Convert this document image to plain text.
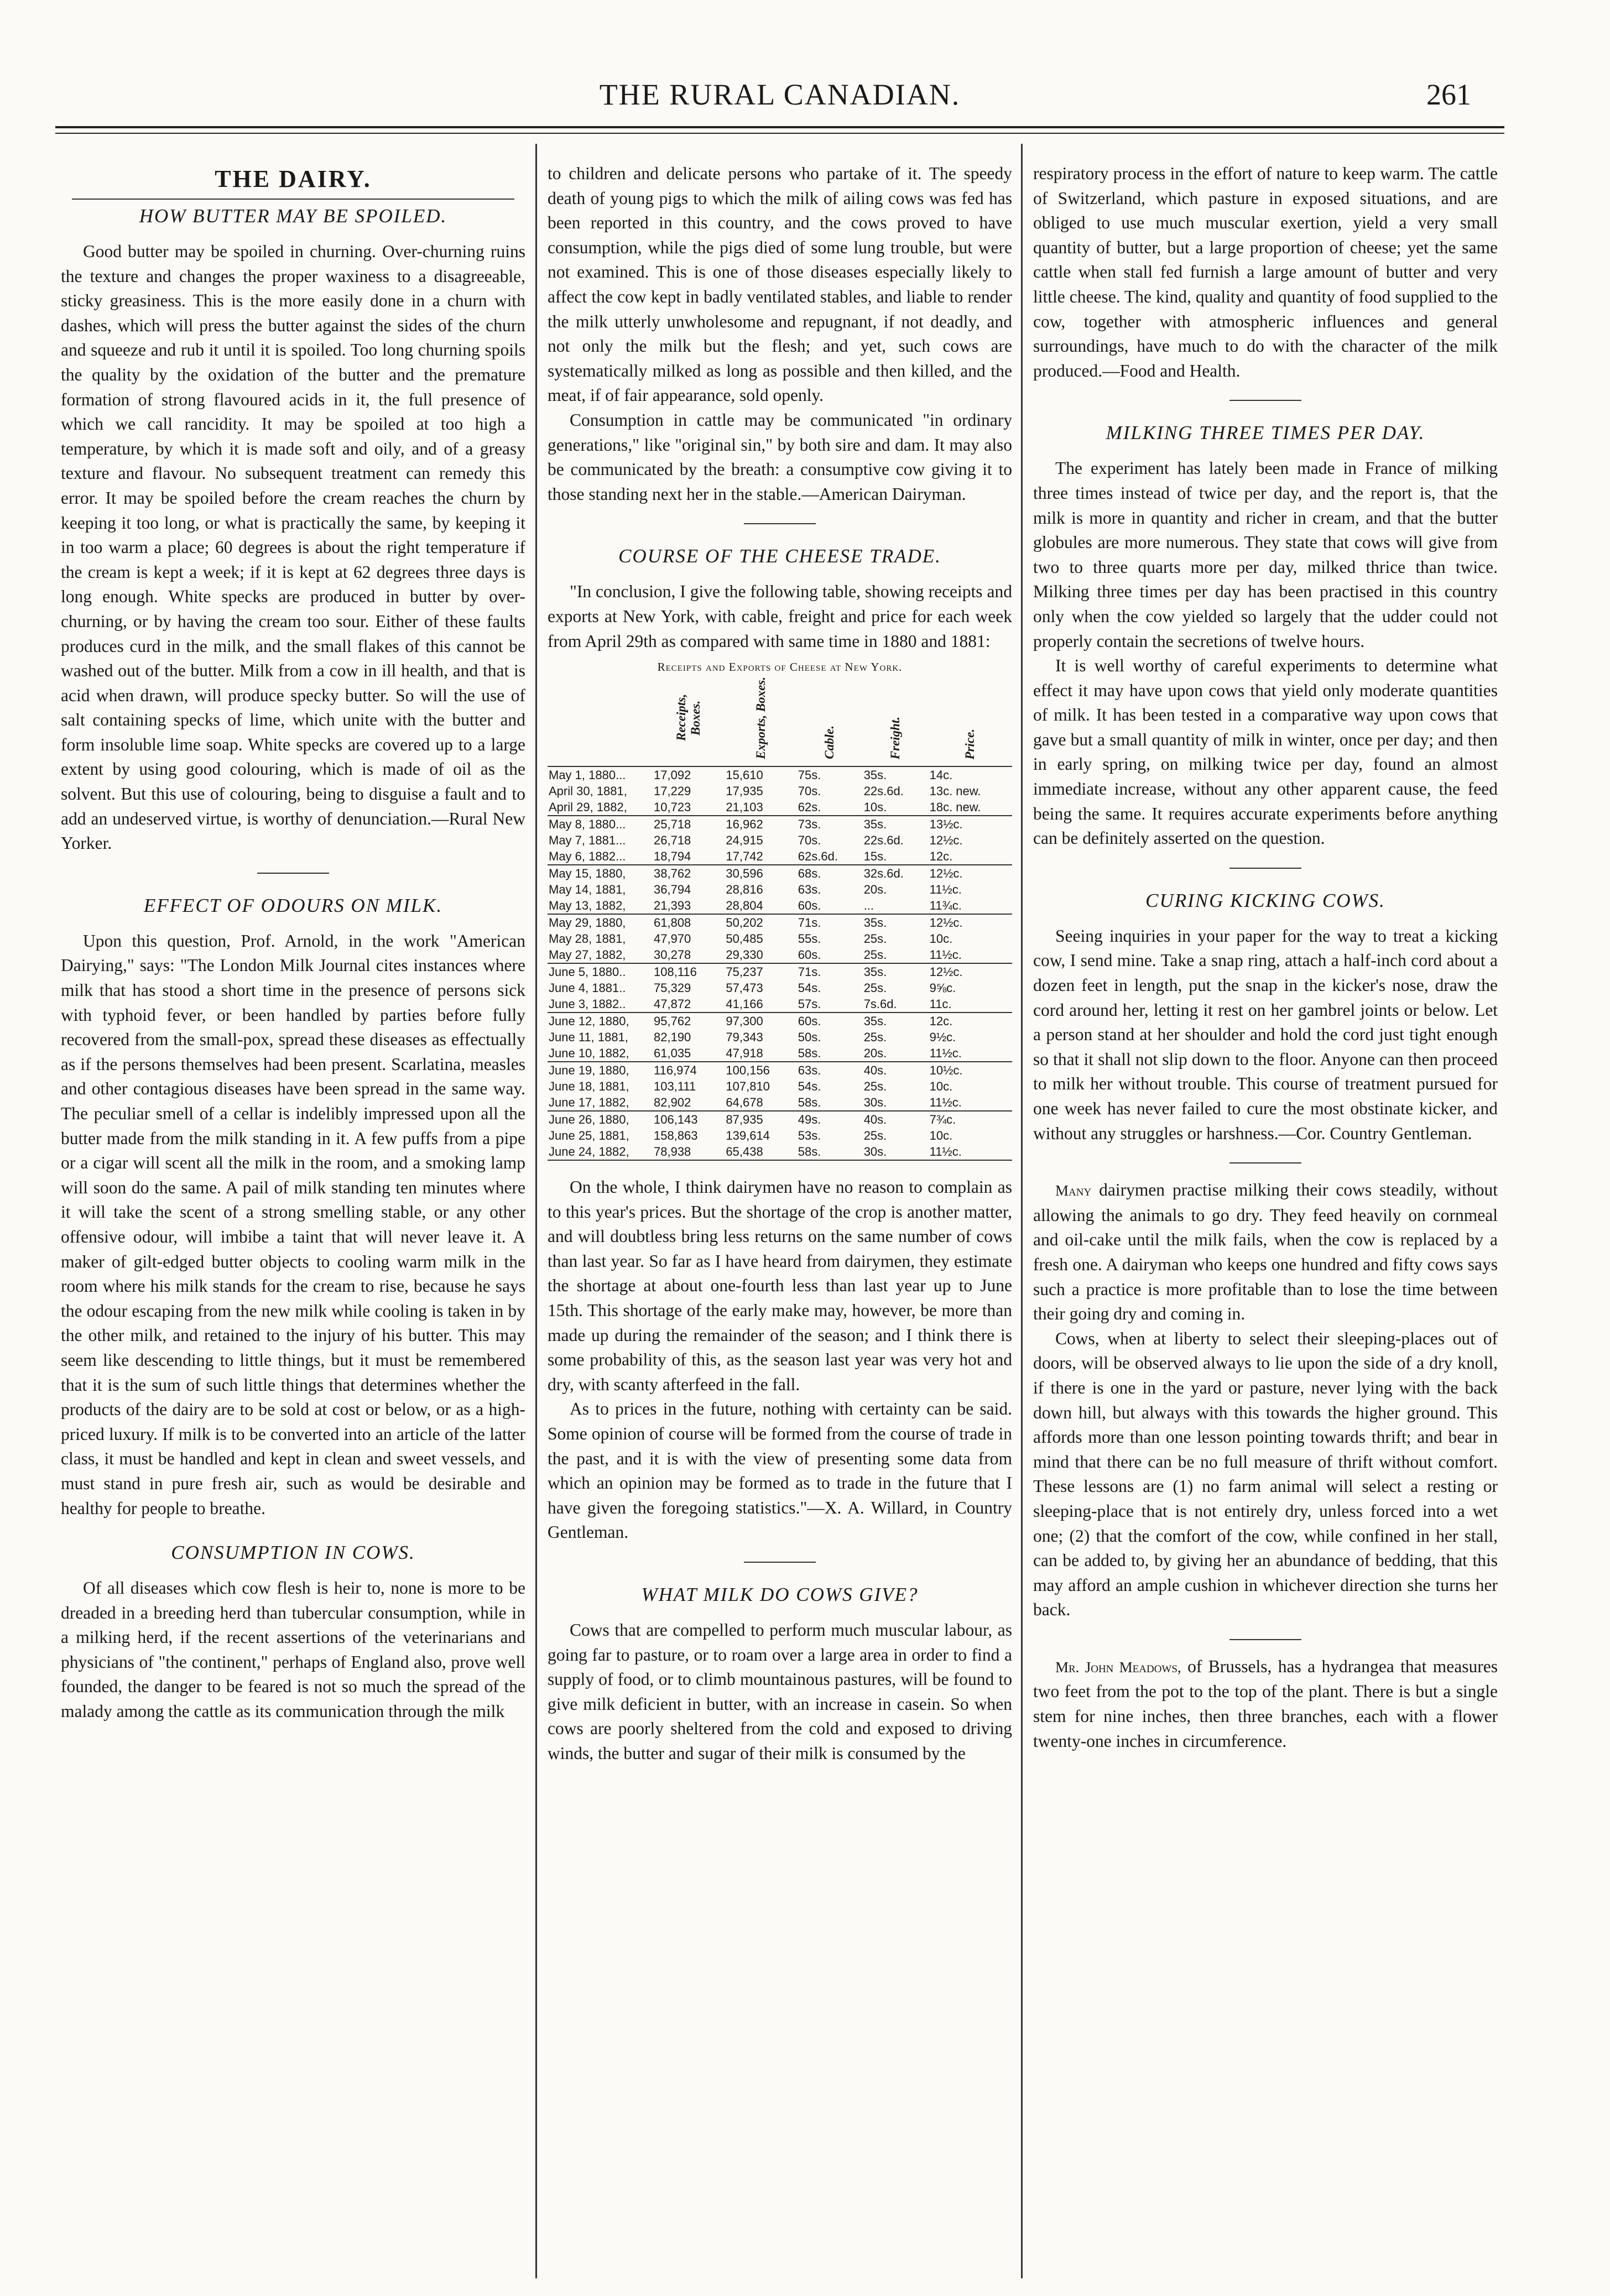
THE RURAL CANADIAN.	261
THE DAIRY.
HOW BUTTER MAY BE SPOILED.

Good butter may be spoiled in churning. Over-churning ruins the texture and changes the proper waxiness to a disagreeable, sticky greasiness. This is the more easily done in a churn with dashes, which will press the butter against the sides of the churn and squeeze and rub it until it is spoiled. Too long churning spoils the quality by the oxidation of the butter and the premature formation of strong flavoured acids in it, the full presence of which we call rancidity. It may be spoiled at too high a temperature, by which it is made soft and oily, and of a greasy texture and flavour. No subsequent treatment can remedy this error. It may be spoiled before the cream reaches the churn by keeping it too long, or what is practically the same, by keeping it in too warm a place; 60 degrees is about the right temperature if the cream is kept a week; if it is kept at 62 degrees three days is long enough. White specks are produced in butter by over-churning, or by having the cream too sour. Either of these faults produces curd in the milk, and the small flakes of this cannot be washed out of the butter. Milk from a cow in ill health, and that is acid when drawn, will produce specky butter. So will the use of salt containing specks of lime, which unite with the butter and form insoluble lime soap. White specks are covered up to a large extent by using good colouring, which is made of oil as the solvent. But this use of colouring, being to disguise a fault and to add an undeserved virtue, is worthy of denunciation.—Rural New Yorker.

EFFECT OF ODOURS ON MILK.

Upon this question, Prof. Arnold, in the work "American Dairying," says: "The London Milk Journal cites instances where milk that has stood a short time in the presence of persons sick with typhoid fever, or been handled by parties before fully recovered from the small-pox, spread these diseases as effectually as if the persons themselves had been present. Scarlatina, measles and other contagious diseases have been spread in the same way. The peculiar smell of a cellar is indelibly impressed upon all the butter made from the milk standing in it. A few puffs from a pipe or a cigar will scent all the milk in the room, and a smoking lamp will soon do the same. A pail of milk standing ten minutes where it will take the scent of a strong smelling stable, or any other offensive odour, will imbibe a taint that will never leave it. A maker of gilt-edged butter objects to cooling warm milk in the room where his milk stands for the cream to rise, because he says the odour escaping from the new milk while cooling is taken in by the other milk, and retained to the injury of his butter. This may seem like descending to little things, but it must be remembered that it is the sum of such little things that determines whether the products of the dairy are to be sold at cost or below, or as a high-priced luxury. If milk is to be converted into an article of the latter class, it must be handled and kept in clean and sweet vessels, and must stand in pure fresh air, such as would be desirable and healthy for people to breathe.

CONSUMPTION IN COWS.

Of all diseases which cow flesh is heir to, none is more to be dreaded in a breeding herd than tubercular consumption, while in a milking herd, if the recent assertions of the veterinarians and physicians of "the continent," perhaps of England also, prove well founded, the danger to be feared is not so much the spread of the malady among the cattle as its communication through the milk

to children and delicate persons who partake of it. The speedy death of young pigs to which the milk of ailing cows was fed has been reported in this country, and the cows proved to have consumption, while the pigs died of some lung trouble, but were not examined. This is one of those diseases especially likely to affect the cow kept in badly ventilated stables, and liable to render the milk utterly unwholesome and repugnant, if not deadly, and not only the milk but the flesh; and yet, such cows are systematically milked as long as possible and then killed, and the meat, if of fair appearance, sold openly.

Consumption in cattle may be communicated "in ordinary generations," like "original sin," by both sire and dam. It may also be communicated by the breath: a consumptive cow giving it to those standing next her in the stable.—American Dairyman.

COURSE OF THE CHEESE TRADE.

"In conclusion, I give the following table, showing receipts and exports at New York, with cable, freight and price for each week from April 29th as compared with same time in 1880 and 1881:

Receipts and Exports of Cheese at New York.
	Receipts, Boxes.	Exports, Boxes.	Cable.	Freight.	Price.
May 1, 1880...	17,092	15,610	75s.	35s.	14c.
April 30, 1881,	17,229	17,935	70s.	22s.6d.	13c. new.
April 29, 1882,	10,723	21,103	62s.	10s.	18c. new.
May 8, 1880...	25,718	16,962	73s.	35s.	13½c.
May 7, 1881...	26,718	24,915	70s.	22s.6d.	12½c.
May 6, 1882...	18,794	17,742	62s.6d.	15s.	12c.
May 15, 1880,	38,762	30,596	68s.	32s.6d.	12½c.
May 14, 1881,	36,794	28,816	63s.	20s.	11½c.
May 13, 1882,	21,393	28,804	60s.	...	11¾c.
May 29, 1880,	61,808	50,202	71s.	35s.	12½c.
May 28, 1881,	47,970	50,485	55s.	25s.	10c.
May 27, 1882,	30,278	29,330	60s.	25s.	11½c.
June 5, 1880..	108,116	75,237	71s.	35s.	12½c.
June 4, 1881..	75,329	57,473	54s.	25s.	9⅝c.
June 3, 1882..	47,872	41,166	57s.	7s.6d.	11c.
June 12, 1880,	95,762	97,300	60s.	35s.	12c.
June 11, 1881,	82,190	79,343	50s.	25s.	9½c.
June 10, 1882,	61,035	47,918	58s.	20s.	11½c.
June 19, 1880,	116,974	100,156	63s.	40s.	10½c.
June 18, 1881,	103,111	107,810	54s.	25s.	10c.
June 17, 1882,	82,902	64,678	58s.	30s.	11½c.
June 26, 1880,	106,143	87,935	49s.	40s.	7¾c.
June 25, 1881,	158,863	139,614	53s.	25s.	10c.
June 24, 1882,	78,938	65,438	58s.	30s.	11½c.

On the whole, I think dairymen have no reason to complain as to this year's prices. But the shortage of the crop is another matter, and will doubtless bring less returns on the same number of cows than last year. So far as I have heard from dairymen, they estimate the shortage at about one-fourth less than last year up to June 15th. This shortage of the early make may, however, be more than made up during the remainder of the season; and I think there is some probability of this, as the season last year was very hot and dry, with scanty afterfeed in the fall.

As to prices in the future, nothing with certainty can be said. Some opinion of course will be formed from the course of trade in the past, and it is with the view of presenting some data from which an opinion may be formed as to trade in the future that I have given the foregoing statistics."—X. A. Willard, in Country Gentleman.

WHAT MILK DO COWS GIVE?

Cows that are compelled to perform much muscular labour, as going far to pasture, or to roam over a large area in order to find a supply of food, or to climb mountainous pastures, will be found to give milk deficient in butter, with an increase in casein. So when cows are poorly sheltered from the cold and exposed to driving winds, the butter and sugar of their milk is consumed by the

respiratory process in the effort of nature to keep warm. The cattle of Switzerland, which pasture in exposed situations, and are obliged to use much muscular exertion, yield a very small quantity of butter, but a large proportion of cheese; yet the same cattle when stall fed furnish a large amount of butter and very little cheese. The kind, quality and quantity of food supplied to the cow, together with atmospheric influences and general surroundings, have much to do with the character of the milk produced.—Food and Health.

MILKING THREE TIMES PER DAY.

The experiment has lately been made in France of milking three times instead of twice per day, and the report is, that the milk is more in quantity and richer in cream, and that the butter globules are more numerous. They state that cows will give from two to three quarts more per day, milked thrice than twice. Milking three times per day has been practised in this country only when the cow yielded so largely that the udder could not properly contain the secretions of twelve hours.

It is well worthy of careful experiments to determine what effect it may have upon cows that yield only moderate quantities of milk. It has been tested in a comparative way upon cows that gave but a small quantity of milk in winter, once per day; and then in early spring, on milking twice per day, found an almost immediate increase, without any other apparent cause, the feed being the same. It requires accurate experiments before anything can be definitely asserted on the question.

CURING KICKING COWS.

Seeing inquiries in your paper for the way to treat a kicking cow, I send mine. Take a snap ring, attach a half-inch cord about a dozen feet in length, put the snap in the kicker's nose, draw the cord around her, letting it rest on her gambrel joints or below. Let a person stand at her shoulder and hold the cord just tight enough so that it shall not slip down to the floor. Anyone can then proceed to milk her without trouble. This course of treatment pursued for one week has never failed to cure the most obstinate kicker, and without any struggles or harshness.—Cor. Country Gentleman.

Many dairymen practise milking their cows steadily, without allowing the animals to go dry. They feed heavily on cornmeal and oil-cake until the milk fails, when the cow is replaced by a fresh one. A dairyman who keeps one hundred and fifty cows says such a practice is more profitable than to lose the time between their going dry and coming in.

Cows, when at liberty to select their sleeping-places out of doors, will be observed always to lie upon the side of a dry knoll, if there is one in the yard or pasture, never lying with the back down hill, but always with this towards the higher ground. This affords more than one lesson pointing towards thrift; and bear in mind that there can be no full measure of thrift without comfort. These lessons are (1) no farm animal will select a resting or sleeping-place that is not entirely dry, unless forced into a wet one; (2) that the comfort of the cow, while confined in her stall, can be added to, by giving her an abundance of bedding, that this may afford an ample cushion in whichever direction she turns her back.

Mr. John Meadows, of Brussels, has a hydrangea that measures two feet from the pot to the top of the plant. There is but a single stem for nine inches, then three branches, each with a flower twenty-one inches in circumference.
